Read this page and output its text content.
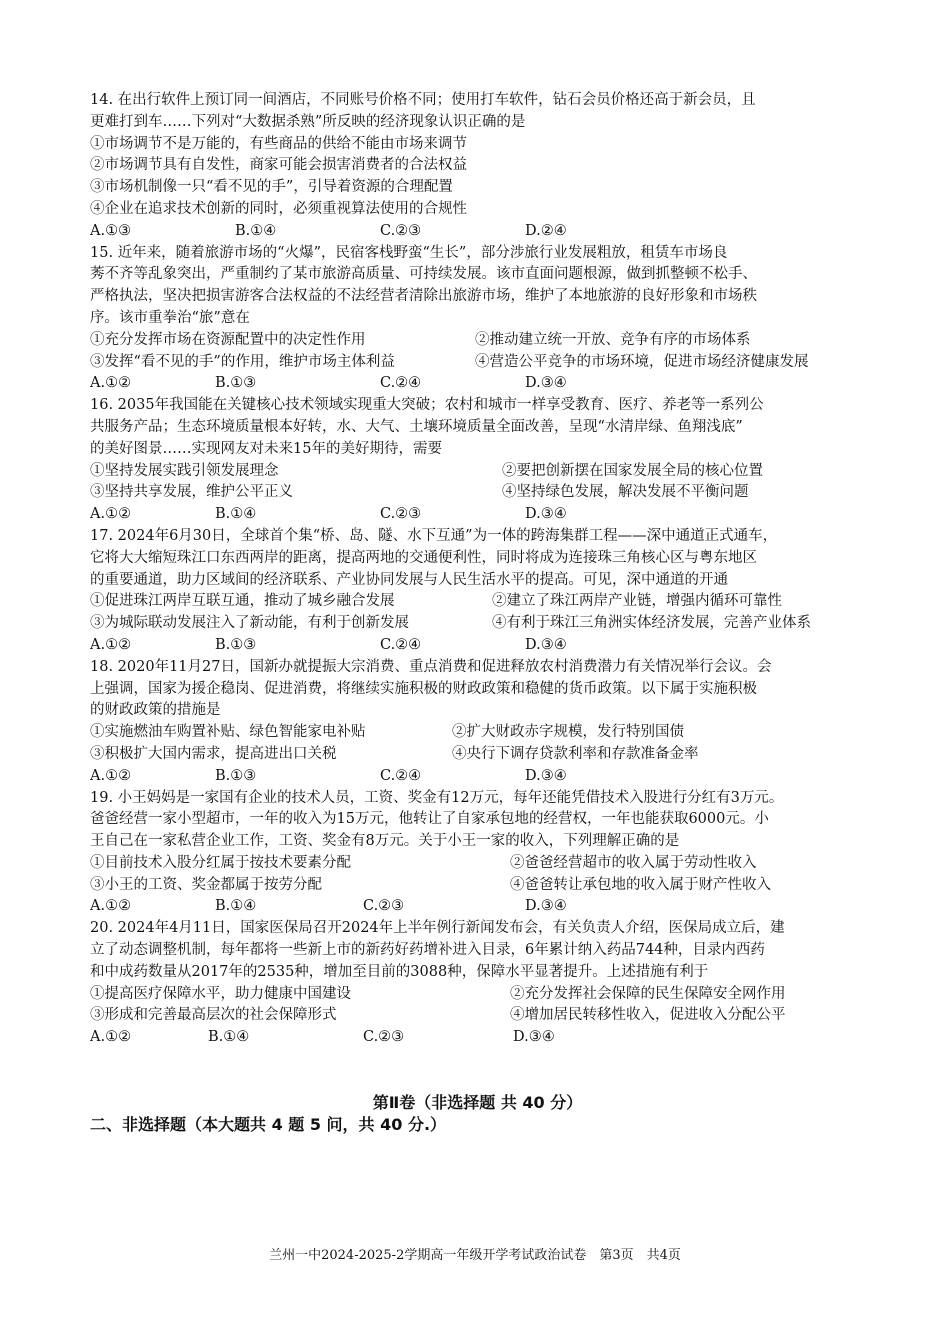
14. 在出行软件上预订同一间酒店，不同账号价格不同；使用打车软件，钻石会员价格还高于新会员，且
更难打到车……下列对“大数据杀熟”所反映的经济现象认识正确的是
①市场调节不是万能的，有些商品的供给不能由市场来调节
②市场调节具有自发性，商家可能会损害消费者的合法权益
③市场机制像一只“看不见的手”，引导着资源的合理配置
④企业在追求技术创新的同时，必须重视算法使用的合规性
A.①③	B.①④	C.②③	D.②④
15. 近年来，随着旅游市场的“火爆”，民宿客栈野蛮“生长”，部分涉旅行业发展粗放，租赁车市场良
莠不齐等乱象突出，严重制约了某市旅游高质量、可持续发展。该市直面问题根源，做到抓整顿不松手、
严格执法，坚决把损害游客合法权益的不法经营者清除出旅游市场，维护了本地旅游的良好形象和市场秩
序。该市重拳治“旅”意在
①充分发挥市场在资源配置中的决定性作用	②推动建立统一开放、竞争有序的市场体系
③发挥“看不见的手”的作用，维护市场主体利益	④营造公平竞争的市场环境，促进市场经济健康发展
A.①②	B.①③	C.②④	D.③④
16. 2035年我国能在关键核心技术领域实现重大突破；农村和城市一样享受教育、医疗、养老等一系列公
共服务产品；生态环境质量根本好转，水、大气、土壤环境质量全面改善，呈现“水清岸绿、鱼翔浅底”
的美好图景……实现网友对未来15年的美好期待，需要
①坚持发展实践引领发展理念	②要把创新摆在国家发展全局的核心位置
③坚持共享发展，维护公平正义	④坚持绿色发展，解决发展不平衡问题
A.①②	B.①④	C.②③	D.③④
17. 2024年6月30日，全球首个集“桥、岛、隧、水下互通”为一体的跨海集群工程——深中通道正式通车，
它将大大缩短珠江口东西两岸的距离，提高两地的交通便利性，同时将成为连接珠三角核心区与粤东地区
的重要通道，助力区域间的经济联系、产业协同发展与人民生活水平的提高。可见，深中通道的开通
①促进珠江两岸互联互通，推动了城乡融合发展	②建立了珠江两岸产业链，增强内循环可靠性
③为城际联动发展注入了新动能，有利于创新发展	④有利于珠江三角洲实体经济发展，完善产业体系
A.①②	B.①③	C.②④	D.③④
18. 2020年11月27日，国新办就提振大宗消费、重点消费和促进释放农村消费潜力有关情况举行会议。会
上强调，国家为援企稳岗、促进消费，将继续实施积极的财政政策和稳健的货币政策。以下属于实施积极
的财政政策的措施是
①实施燃油车购置补贴、绿色智能家电补贴	②扩大财政赤字规模，发行特别国债
③积极扩大国内需求，提高进出口关税	④央行下调存贷款利率和存款准备金率
A.①②	B.①③	C.②④	D.③④
19. 小王妈妈是一家国有企业的技术人员，工资、奖金有12万元，每年还能凭借技术入股进行分红有3万元。
爸爸经营一家小型超市，一年的收入为15万元，他转让了自家承包地的经营权，一年也能获取6000元。小
王自己在一家私营企业工作，工资、奖金有8万元。关于小王一家的收入，下列理解正确的是
①目前技术入股分红属于按技术要素分配	②爸爸经营超市的收入属于劳动性收入
③小王的工资、奖金都属于按劳分配	④爸爸转让承包地的收入属于财产性收入
A.①②	B.①④	C.②③	D.③④
20. 2024年4月11日，国家医保局召开2024年上半年例行新闻发布会，有关负责人介绍，医保局成立后，建
立了动态调整机制，每年都将一些新上市的新药好药增补进入目录，6年累计纳入药品744种，目录内西药
和中成药数量从2017年的2535种，增加至目前的3088种，保障水平显著提升。上述措施有利于
①提高医疗保障水平，助力健康中国建设	②充分发挥社会保障的民生保障安全网作用
③形成和完善最高层次的社会保障形式	④增加居民转移性收入，促进收入分配公平
A.①②	B.①④	C.②③	D.③④
第Ⅱ卷（非选择题 共 40 分）
二、非选择题（本大题共 4 题 5 问，共 40 分.）
兰州一中2024-2025-2学期高一年级开学考试政治试卷　第3页　共4页
